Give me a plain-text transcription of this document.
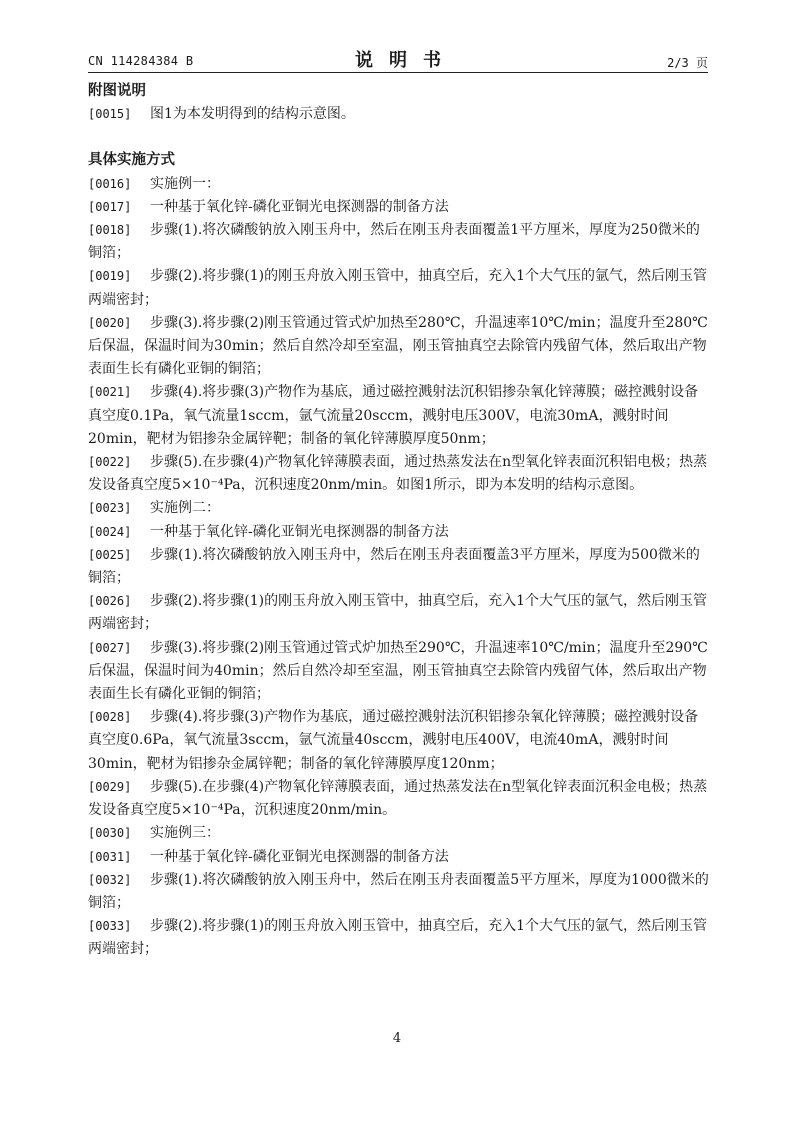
CN 114284384 B	说明书	2/3 页
附图说明
[0015] 图1为本发明得到的结构示意图。
具体实施方式
[0016] 实施例一：
[0017] 一种基于氧化锌-磷化亚铜光电探测器的制备方法
[0018] 步骤(1).将次磷酸钠放入刚玉舟中，然后在刚玉舟表面覆盖1平方厘米，厚度为250微米的铜箔；
[0019] 步骤(2).将步骤(1)的刚玉舟放入刚玉管中，抽真空后，充入1个大气压的氩气，然后刚玉管两端密封；
[0020] 步骤(3).将步骤(2)刚玉管通过管式炉加热至280℃，升温速率10℃/min；温度升至280℃后保温，保温时间为30min；然后自然冷却至室温，刚玉管抽真空去除管内残留气体，然后取出产物表面生长有磷化亚铜的铜箔；
[0021] 步骤(4).将步骤(3)产物作为基底，通过磁控溅射法沉积铝掺杂氧化锌薄膜；磁控溅射设备真空度0.1Pa，氧气流量1sccm，氩气流量20sccm，溅射电压300V，电流30mA，溅射时间20min，靶材为铝掺杂金属锌靶；制备的氧化锌薄膜厚度50nm；
[0022] 步骤(5).在步骤(4)产物氧化锌薄膜表面，通过热蒸发法在n型氧化锌表面沉积铝电极；热蒸发设备真空度5×10⁻⁴Pa，沉积速度20nm/min。如图1所示，即为本发明的结构示意图。
[0023] 实施例二：
[0024] 一种基于氧化锌-磷化亚铜光电探测器的制备方法
[0025] 步骤(1).将次磷酸钠放入刚玉舟中，然后在刚玉舟表面覆盖3平方厘米，厚度为500微米的铜箔；
[0026] 步骤(2).将步骤(1)的刚玉舟放入刚玉管中，抽真空后，充入1个大气压的氩气，然后刚玉管两端密封；
[0027] 步骤(3).将步骤(2)刚玉管通过管式炉加热至290℃，升温速率10℃/min；温度升至290℃后保温，保温时间为40min；然后自然冷却至室温，刚玉管抽真空去除管内残留气体，然后取出产物表面生长有磷化亚铜的铜箔；
[0028] 步骤(4).将步骤(3)产物作为基底，通过磁控溅射法沉积铝掺杂氧化锌薄膜；磁控溅射设备真空度0.6Pa，氧气流量3sccm，氩气流量40sccm，溅射电压400V，电流40mA，溅射时间30min，靶材为铝掺杂金属锌靶；制备的氧化锌薄膜厚度120nm；
[0029] 步骤(5).在步骤(4)产物氧化锌薄膜表面，通过热蒸发法在n型氧化锌表面沉积金电极；热蒸发设备真空度5×10⁻⁴Pa，沉积速度20nm/min。
[0030] 实施例三：
[0031] 一种基于氧化锌-磷化亚铜光电探测器的制备方法
[0032] 步骤(1).将次磷酸钠放入刚玉舟中，然后在刚玉舟表面覆盖5平方厘米，厚度为1000微米的铜箔；
[0033] 步骤(2).将步骤(1)的刚玉舟放入刚玉管中，抽真空后，充入1个大气压的氩气，然后刚玉管两端密封；
4
